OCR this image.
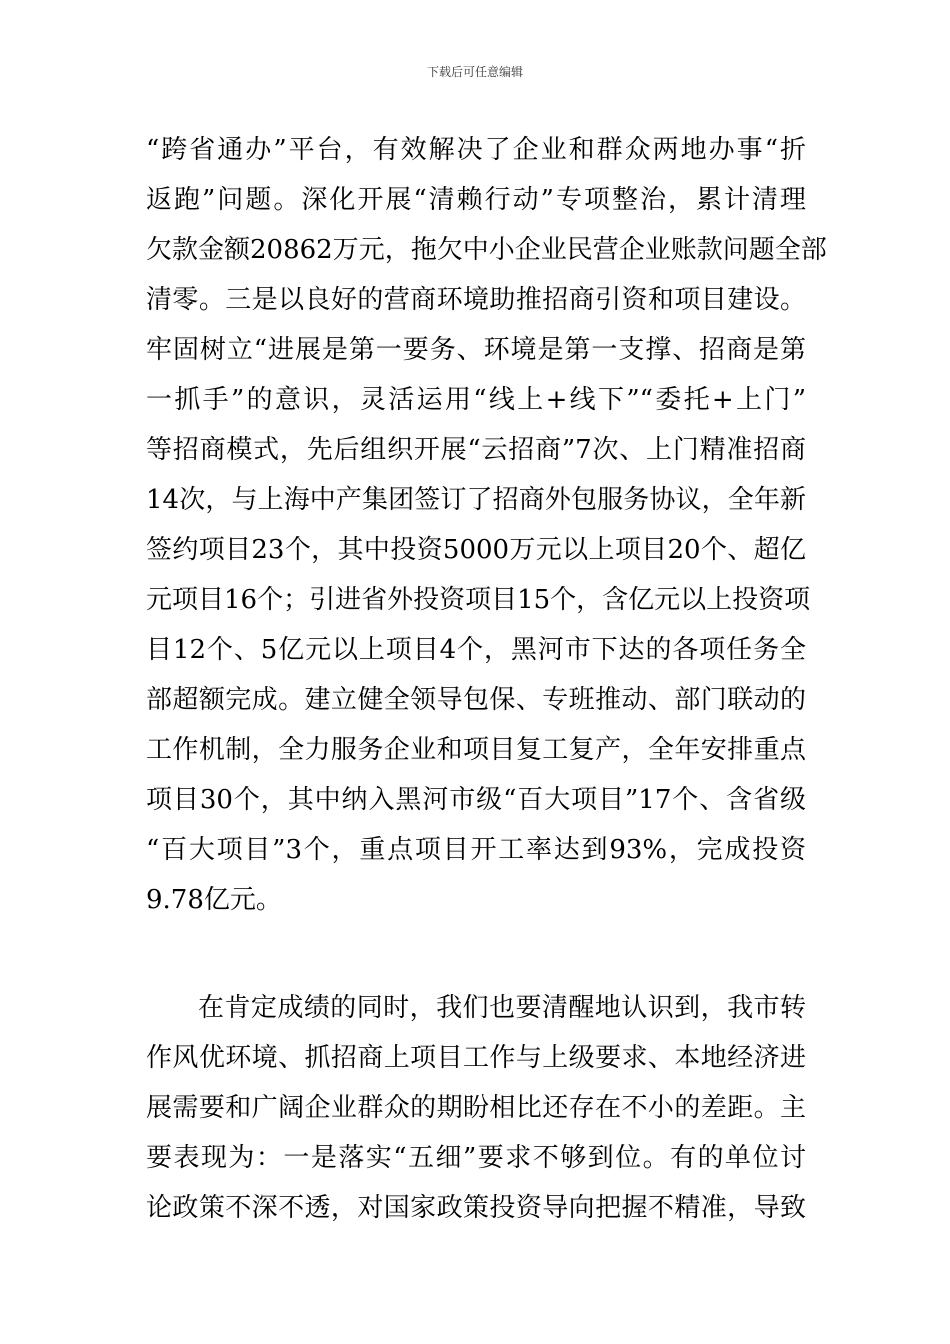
下载后可任意编辑
“跨省通办”平台，有效解决了企业和群众两地办事“折
返跑”问题。深化开展“清赖行动”专项整治，累计清理
欠款金额20862万元，拖欠中小企业民营企业账款问题全部
清零。三是以良好的营商环境助推招商引资和项目建设。
牢固树立“进展是第一要务、环境是第一支撑、招商是第
一抓手”的意识，灵活运用“线上+线下”“委托+上门”
等招商模式，先后组织开展“云招商”7次、上门精准招商
14次，与上海中产集团签订了招商外包服务协议，全年新
签约项目23个，其中投资5000万元以上项目20个、超亿
元项目16个；引进省外投资项目15个，含亿元以上投资项
目12个、5亿元以上项目4个，黑河市下达的各项任务全
部超额完成。建立健全领导包保、专班推动、部门联动的
工作机制，全力服务企业和项目复工复产，全年安排重点
项目30个，其中纳入黑河市级“百大项目”17个、含省级
“百大项目”3个，重点项目开工率达到93%，完成投资
9.78亿元。
在肯定成绩的同时，我们也要清醒地认识到，我市转
作风优环境、抓招商上项目工作与上级要求、本地经济进
展需要和广阔企业群众的期盼相比还存在不小的差距。主
要表现为：一是落实“五细”要求不够到位。有的单位讨
论政策不深不透，对国家政策投资导向把握不精准，导致
